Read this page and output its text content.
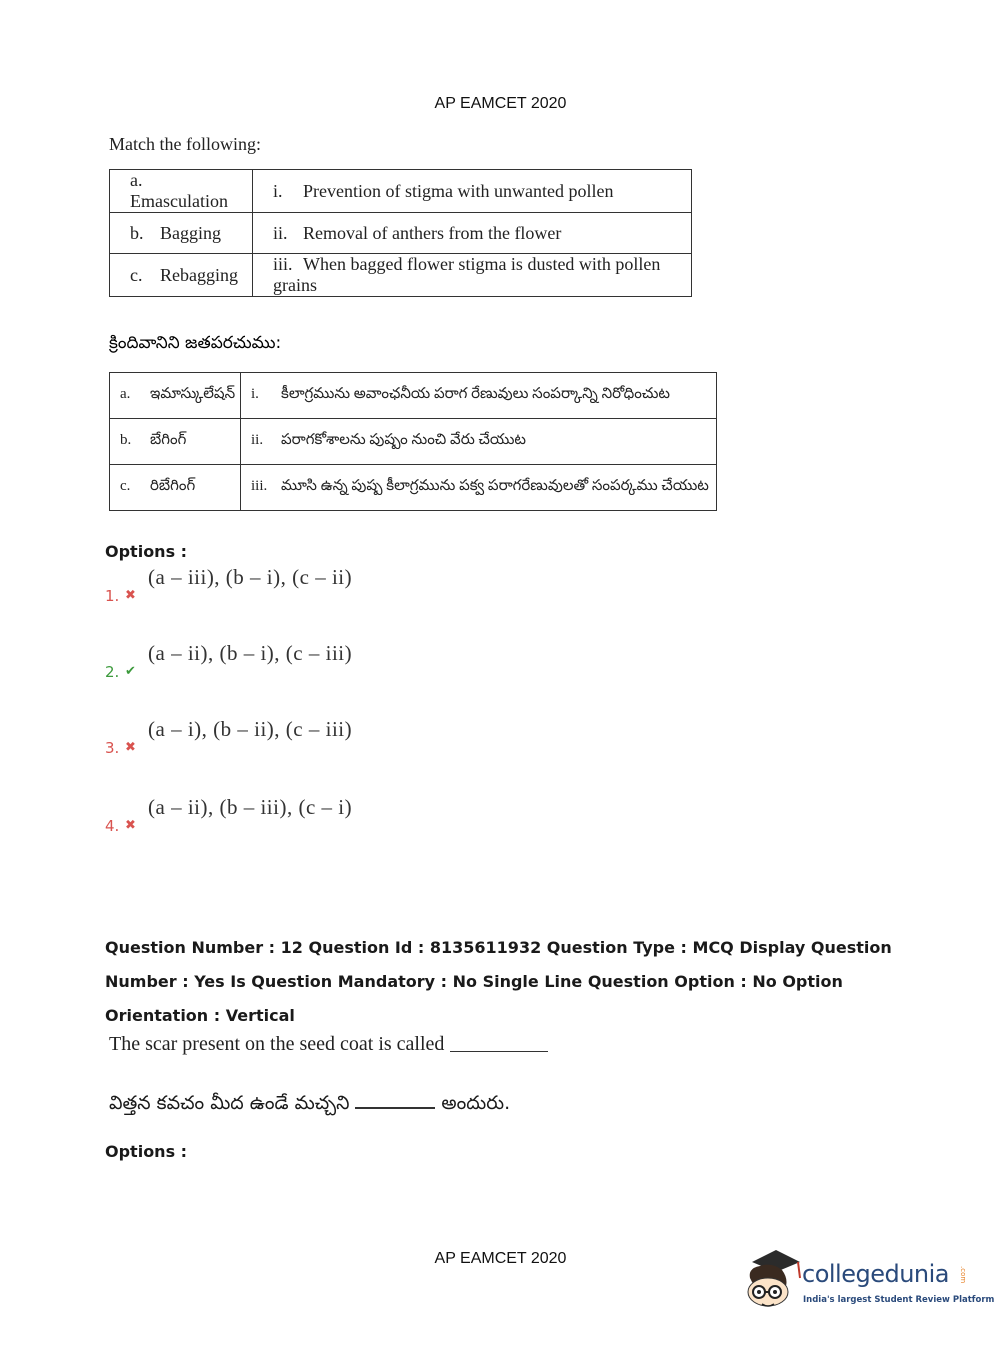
AP EAMCET 2020
Match the following:
a.Emasculation	i. Prevention of stigma with unwanted pollen
b. Bagging	ii. Removal of anthers from the flower
c. Rebagging	iii. When bagged flower stigma is dusted with pollen grains
క్రిందివానిని జతపరచుము:
a. ఇమాస్కులేషన్	i. కీలాగ్రమును అవాంఛనీయ పరాగ రేణువులు సంపర్కాన్ని నిరోధించుట
b. బేగింగ్	ii. పరాగకోశాలను పుష్పం నుంచి వేరు చేయుట
c. రిబేగింగ్	iii. మూసి ఉన్న పుష్ప కీలాగ్రమును పక్వ పరాగరేణువులతో సంపర్కము చేయుట
Options :
1. ✖
(a – iii), (b – i), (c – ii)
2. ✔
(a – ii), (b – i), (c – iii)
3. ✖
(a – i), (b – ii), (c – iii)
4. ✖
(a – ii), (b – iii), (c – i)
Question Number : 12 Question Id : 8135611932 Question Type : MCQ Display Question Number : Yes Is Question Mandatory : No Single Line Question Option : No Option Orientation : Vertical
The scar present on the seed coat is called
విత్తన కవచం మీద ఉండే మచ్చని	అందురు.
Options :
AP EAMCET 2020
collegedunia .com
India's largest Student Review Platform
